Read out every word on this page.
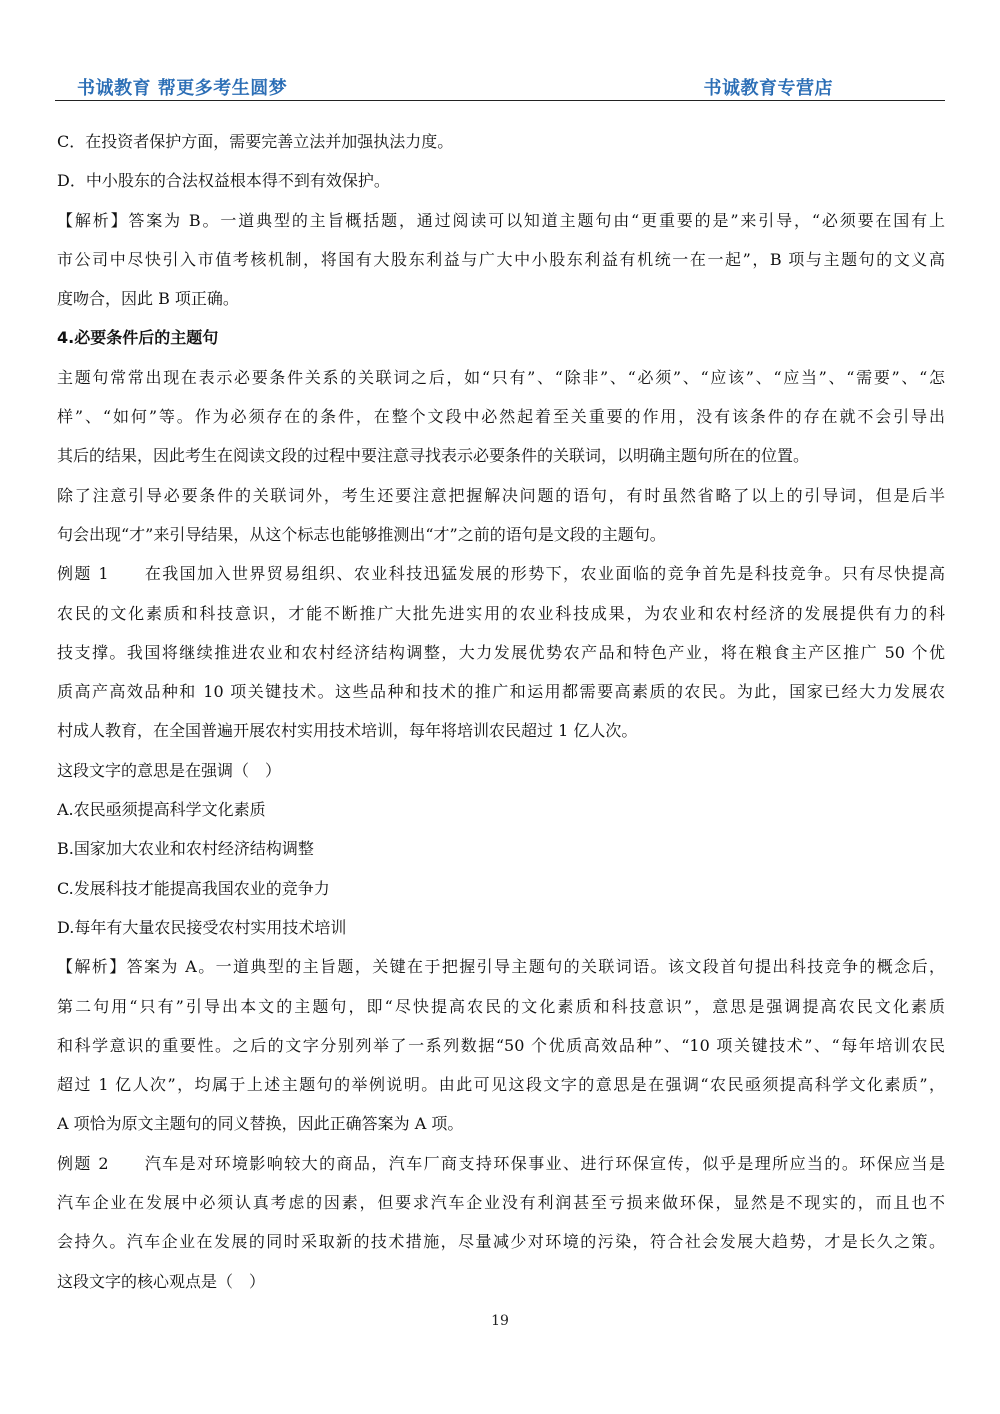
书诚教育 帮更多考生圆梦	书诚教育专营店
C．在投资者保护方面，需要完善立法并加强执法力度。
D．中小股东的合法权益根本得不到有效保护。
【解析】答案为 B。一道典型的主旨概括题，通过阅读可以知道主题句由“更重要的是”来引导，“必须要在国有上
市公司中尽快引入市值考核机制，将国有大股东利益与广大中小股东利益有机统一在一起”，B 项与主题句的文义高
度吻合，因此 B 项正确。
4.必要条件后的主题句
主题句常常出现在表示必要条件关系的关联词之后，如“只有”、“除非”、“必须”、“应该”、“应当”、“需要”、“怎
样”、“如何”等。作为必须存在的条件，在整个文段中必然起着至关重要的作用，没有该条件的存在就不会引导出
其后的结果，因此考生在阅读文段的过程中要注意寻找表示必要条件的关联词，以明确主题句所在的位置。
除了注意引导必要条件的关联词外，考生还要注意把握解决问题的语句，有时虽然省略了以上的引导词，但是后半
句会出现“才”来引导结果，从这个标志也能够推测出“才”之前的语句是文段的主题句。
例题 1　　在我国加入世界贸易组织、农业科技迅猛发展的形势下，农业面临的竞争首先是科技竞争。只有尽快提高
农民的文化素质和科技意识，才能不断推广大批先进实用的农业科技成果，为农业和农村经济的发展提供有力的科
技支撑。我国将继续推进农业和农村经济结构调整，大力发展优势农产品和特色产业，将在粮食主产区推广 50 个优
质高产高效品种和 10 项关键技术。这些品种和技术的推广和运用都需要高素质的农民。为此，国家已经大力发展农
村成人教育，在全国普遍开展农村实用技术培训，每年将培训农民超过 1 亿人次。
这段文字的意思是在强调（　）
A.农民亟须提高科学文化素质
B.国家加大农业和农村经济结构调整
C.发展科技才能提高我国农业的竞争力
D.每年有大量农民接受农村实用技术培训
【解析】答案为 A。一道典型的主旨题，关键在于把握引导主题句的关联词语。该文段首句提出科技竞争的概念后，
第二句用“只有”引导出本文的主题句，即“尽快提高农民的文化素质和科技意识”，意思是强调提高农民文化素质
和科学意识的重要性。之后的文字分别列举了一系列数据“50 个优质高效品种”、“10 项关键技术”、“每年培训农民
超过 1 亿人次”，均属于上述主题句的举例说明。由此可见这段文字的意思是在强调“农民亟须提高科学文化素质”，
A 项恰为原文主题句的同义替换，因此正确答案为 A 项。
例题 2　　汽车是对环境影响较大的商品，汽车厂商支持环保事业、进行环保宣传，似乎是理所应当的。环保应当是
汽车企业在发展中必须认真考虑的因素，但要求汽车企业没有利润甚至亏损来做环保，显然是不现实的，而且也不
会持久。汽车企业在发展的同时采取新的技术措施，尽量减少对环境的污染，符合社会发展大趋势，才是长久之策。
这段文字的核心观点是（　）
19
